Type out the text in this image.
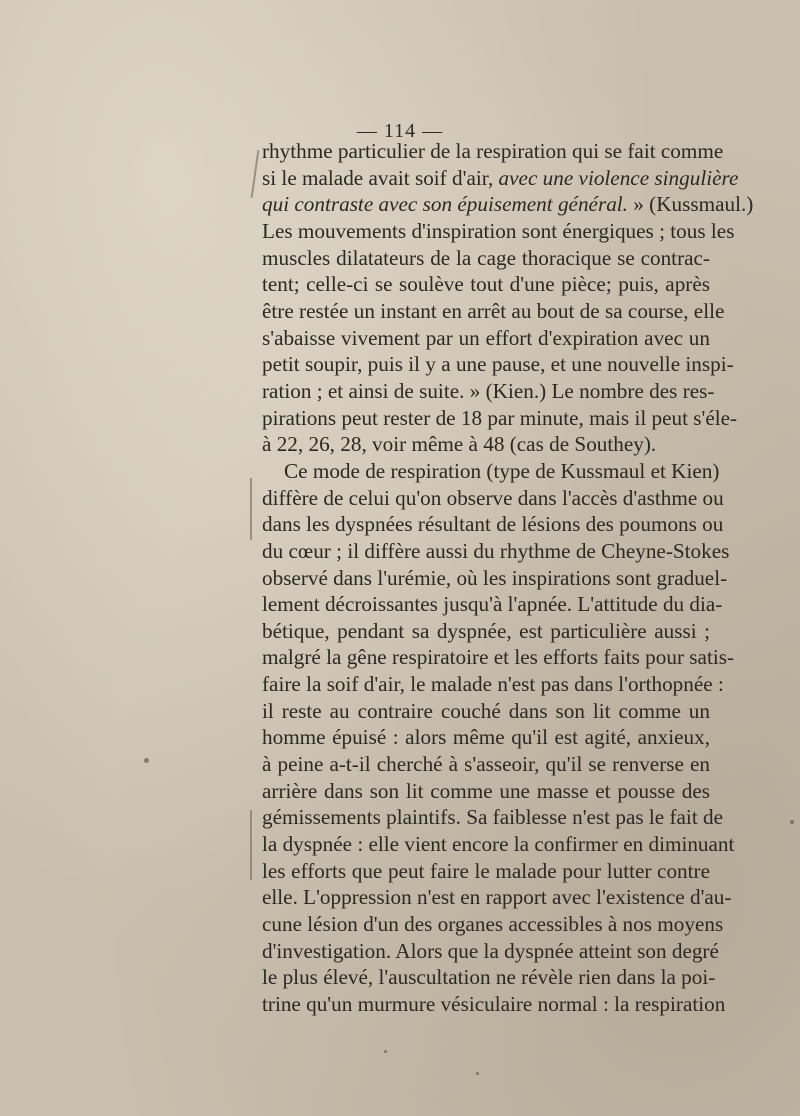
— 114 —
rhythme particulier de la respiration qui se fait comme
si le malade avait soif d'air, avec une violence singulière
qui contraste avec son épuisement général. » (Kussmaul.)
Les mouvements d'inspiration sont énergiques ; tous les
muscles dilatateurs de la cage thoracique se contrac-
tent; celle-ci se soulève tout d'une pièce; puis, après
être restée un instant en arrêt au bout de sa course, elle
s'abaisse vivement par un effort d'expiration avec un
petit soupir, puis il y a une pause, et une nouvelle inspi-
ration ; et ainsi de suite. » (Kien.) Le nombre des res-
pirations peut rester de 18 par minute, mais il peut s'éle-
à 22, 26, 28, voir même à 48 (cas de Southey).
Ce mode de respiration (type de Kussmaul et Kien)
diffère de celui qu'on observe dans l'accès d'asthme ou
dans les dyspnées résultant de lésions des poumons ou
du cœur ; il diffère aussi du rhythme de Cheyne-Stokes
observé dans l'urémie, où les inspirations sont graduel-
lement décroissantes jusqu'à l'apnée. L'attitude du dia-
bétique, pendant sa dyspnée, est particulière aussi ;
malgré la gêne respiratoire et les efforts faits pour satis-
faire la soif d'air, le malade n'est pas dans l'orthopnée :
il reste au contraire couché dans son lit comme un
homme épuisé : alors même qu'il est agité, anxieux,
à peine a-t-il cherché à s'asseoir, qu'il se renverse en
arrière dans son lit comme une masse et pousse des
gémissements plaintifs. Sa faiblesse n'est pas le fait de
la dyspnée : elle vient encore la confirmer en diminuant
les efforts que peut faire le malade pour lutter contre
elle. L'oppression n'est en rapport avec l'existence d'au-
cune lésion d'un des organes accessibles à nos moyens
d'investigation. Alors que la dyspnée atteint son degré
le plus élevé, l'auscultation ne révèle rien dans la poi-
trine qu'un murmure vésiculaire normal : la respiration
